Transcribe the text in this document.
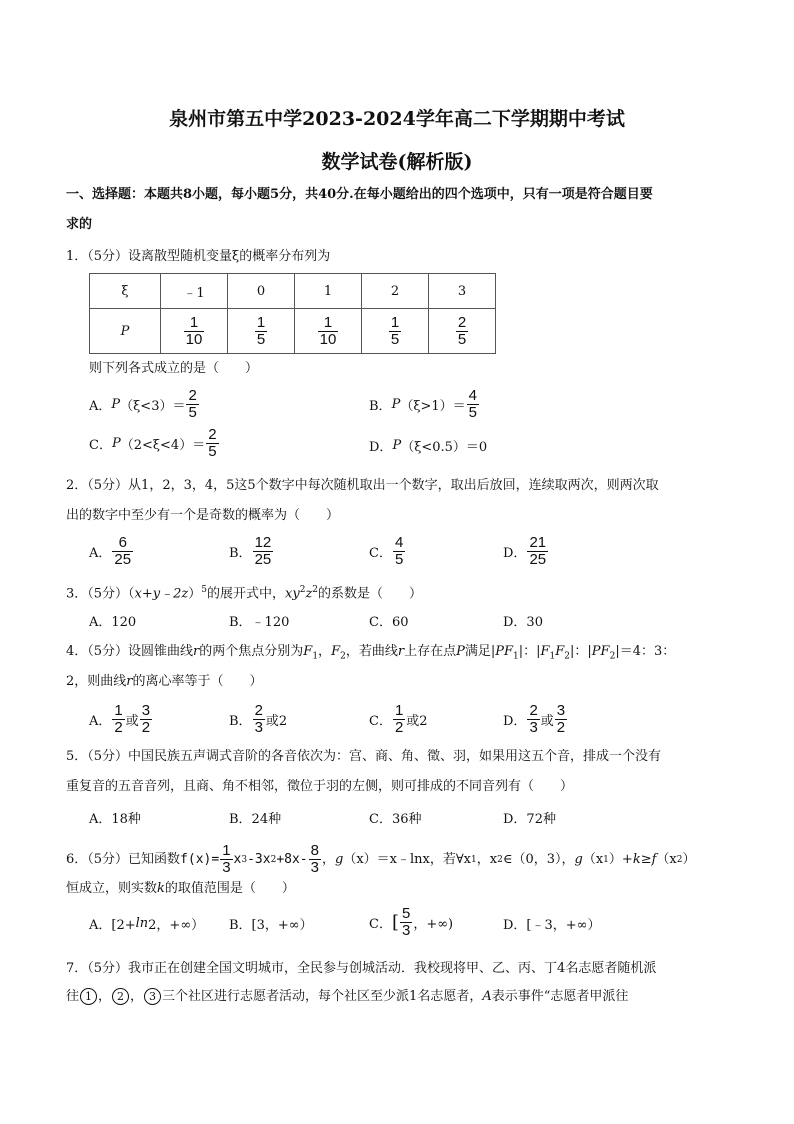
泉州市第五中学2023-2024学年高二下学期期中考试
数学试卷(解析版)
一、选择题：本题共8小题，每小题5分，共40分.在每小题给出的四个选项中，只有一项是符合题目要
求的
1．（5分）设离散型随机变量ξ的概率分布列为
ξ	﹣1	0	1	2	3
P	$\frac{1}{10}$	$\frac{1}{5}$	$\frac{1}{10}$	$\frac{1}{5}$	$\frac{2}{5}$
则下列各式成立的是（　　）
A． P $(\xi<3)= \frac{2}{5}$	B． P $(\xi>1)= \frac{4}{5}$
C． P $(2<\xi<4)= \frac{2}{5}$	D． P （ξ<0.5）＝0
2．（5分）从1，2，3，4，5这5个数字中每次随机取出一个数字，取出后放回，连续取两次，则两次取
出的数字中至少有一个是奇数的概率为（　　）
A． $\frac{6}{25}$	B． $\frac{12}{25}$	C． $\frac{4}{5}$	D． $\frac{21}{25}$
3．（5分）（x+y﹣2z）$^5$的展开式中，$xy^2z^2$的系数是（　　）
A．120	B．﹣120	C．60	D．30
4．（5分）设圆锥曲线r的两个焦点分别为$F_1$，$F_2$，若曲线r上存在点P满足$|PF_1|$：$|F_1F_2|$：$|PF_2|=4$：3：
2，则曲线r的离心率等于（　　）
A． $\frac{1}{2}$ 或 $\frac{3}{2}$	B． $\frac{2}{3}$ 或2	C． $\frac{1}{2}$ 或2	D． $\frac{2}{3}$ 或 $\frac{3}{2}$
5．（5分）中国民族五声调式音阶的各音依次为：宫、商、角、徵、羽，如果用这五个音，排成一个没有
重复音的五音音列，且商、角不相邻，徵位于羽的左侧，则可排成的不同音列有（　　）
A．18种	B．24种	C．36种	D．72种
6．（5分）已知函数 $f(x)= \frac{1}{3}$ x 3 -3x $2 +8x- \frac{8}{3}$ ， g （x）＝x﹣lnx，若∀x 1 ，x 2 ∈（0，3）， g （x 1 ）+ k ≥ f （x 2 ）
恒成立，则实数k的取值范围是（　　）
A．[2+ ln 2，+∞） B．[3，+∞）	C． [ $\frac{5}{3}$ ，+∞)	D．[﹣3，+∞）
7．（5分）我市正在创建全国文明城市，全民参与创城活动．我校现将甲、乙、丙、丁4名志愿者随机派
往 1 ， 2 ， 3 三个社区进行志愿者活动，每个社区至少派1名志愿者，A表示事件“志愿者甲派往
